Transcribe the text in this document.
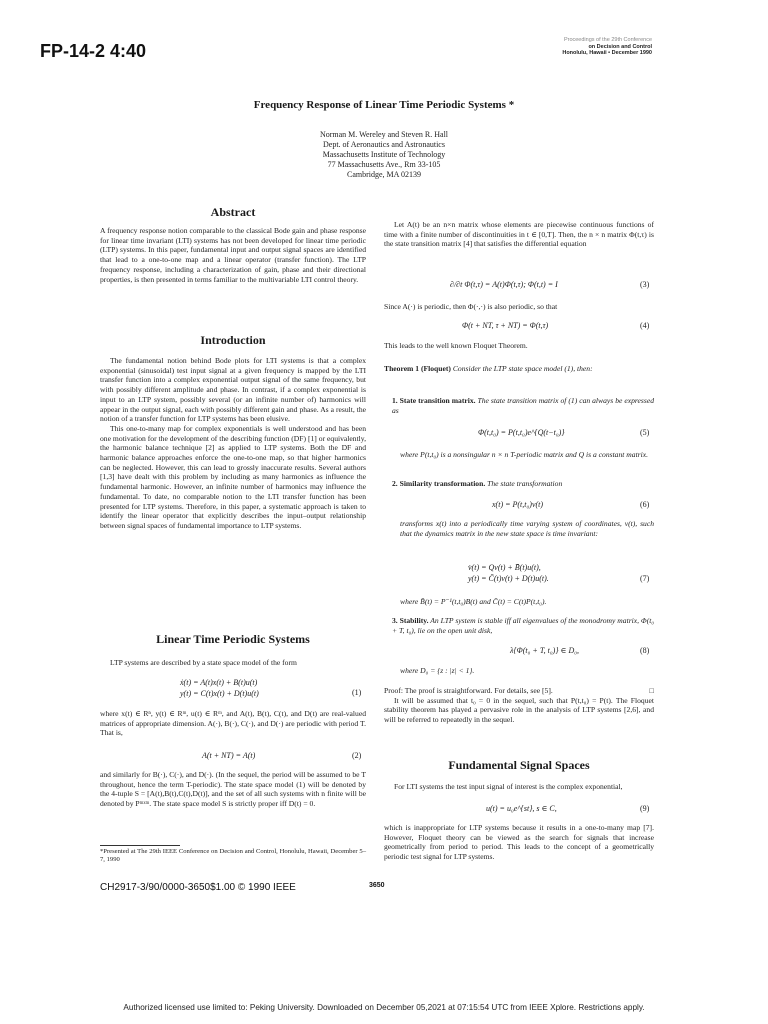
FP-14-2 4:40
Proceedings of the 29th Conference
on Decision and Control
Honolulu, Hawaii • December 1990
Frequency Response of Linear Time Periodic Systems *
Norman M. Wereley and Steven R. Hall
Dept. of Aeronautics and Astronautics
Massachusetts Institute of Technology
77 Massachusetts Ave., Rm 33-105
Cambridge, MA 02139
Abstract

A frequency response notion comparable to the classical Bode gain and phase response for linear time invariant (LTI) systems has not been developed for linear time periodic (LTP) systems. In this paper, fundamental input and output signal spaces are identified that lead to a one-to-one map and a linear operator (transfer function). The LTP frequency response, including a characterization of gain, phase and their directional properties, is then presented in terms familiar to the multivariable LTI control theory.

Introduction

The fundamental notion behind Bode plots for LTI systems is that a complex exponential (sinusoidal) test input signal at a given frequency is mapped by the LTI transfer function into a complex exponential output signal of the same frequency, but with possibly different amplitude and phase. In contrast, if a complex exponential is input to an LTP system, possibly several (or an infinite number of) harmonics will appear in the output signal, each with possibly different gain and phase. As a result, the notion of a transfer function for LTP systems has been elusive.

This one-to-many map for complex exponentials is well understood and has been one motivation for the development of the describing function (DF) [1] or equivalently, the harmonic balance technique [2] as applied to LTP systems. Both the DF and harmonic balance approaches enforce the one-to-one map, so that higher harmonics can be neglected. However, this can lead to grossly inaccurate results. Several authors [1,3] have dealt with this problem by including as many harmonics as influence the fundamental harmonic. However, an infinite number of harmonics may influence the fundamental. To date, no comparable notion to the LTI transfer function has been presented for LTP systems. Therefore, in this paper, a systematic approach is taken to identify the linear operator that explicitly describes the input–output relationship between signal spaces of fundamental importance to LTP systems.

Linear Time Periodic Systems

LTP systems are described by a state space model of the form

ẋ(t) = A(t)x(t) + B(t)u(t)
y(t) = C(t)x(t) + D(t)u(t)	(1)

where x(t) ∈ Rⁿ, y(t) ∈ Rᵐ, u(t) ∈ Rᵐ, and A(t), B(t), C(t), and D(t) are real-valued matrices of appropriate dimension. A(·), B(·), C(·), and D(·) are periodic with period T. That is,

A(t + NT) = A(t)	(2)

and similarly for B(·), C(·), and D(·). (In the sequel, the period will be assumed to be T throughout, hence the term T-periodic). The state space model (1) will be denoted by the 4-tuple S = [A(t),B(t),C(t),D(t)], and the set of all such systems with n finite will be denoted by Pᵐˣᵐ. The state space model S is strictly proper iff D(t) = 0.

*Presented at The 29th IEEE Conference on Decision and Control, Honolulu, Hawaii, December 5–7, 1990

Let A(t) be an n×n matrix whose elements are piecewise continuous functions of time with a finite number of discontinuities in t ∈ [0,T]. Then, the n × n matrix Φ(t,τ) is the state transition matrix [4] that satisfies the differential equation

∂/∂t Φ(t,τ) = A(t)Φ(t,τ); Φ(t,t) = I	(3)

Since A(·) is periodic, then Φ(·,·) is also periodic, so that

Φ(t + NT, τ + NT) = Φ(t,τ)	(4)

This leads to the well known Floquet Theorem.

Theorem 1 (Floquet) Consider the LTP state space model (1), then:

1. State transition matrix. The state transition matrix of (1) can always be expressed as

Φ(t,t₀) = P(t,t₀)e^{Q(t−t₀)}	(5)

where P(t,t₀) is a nonsingular n × n T-periodic matrix and Q is a constant matrix.

2. Similarity transformation. The state transformation

x(t) = P(t,t₀)v(t)	(6)

transforms x(t) into a periodically time varying system of coordinates, v(t), such that the dynamics matrix in the new state space is time invariant:

v̇(t) = Qv(t) + B̄(t)u(t),
y(t) = C̄(t)v(t) + D(t)u(t).	(7)

where B̄(t) = P⁻¹(t,t₀)B(t) and C̄(t) = C(t)P(t,t₀).

3. Stability. An LTP system is stable iff all eigenvalues of the monodromy matrix, Φ(t₀ + T, t₀), lie on the open unit disk,

λ{Φ(t₀ + T, t₀)} ∈ D₀,	(8)

where D₀ = {z : |z| < 1}.

Proof: The proof is straightforward. For details, see [5].	□

It will be assumed that t₀ = 0 in the sequel, such that P(t,t₀) = P(t). The Floquet stability theorem has played a pervasive role in the analysis of LTP systems [2,6], and will be referred to repeatedly in the sequel.

Fundamental Signal Spaces

For LTI systems the test input signal of interest is the complex exponential,

u(t) = u₀e^{st}, s ∈ C,	(9)

which is inappropriate for LTP systems because it results in a one-to-many map [7]. However, Floquet theory can be viewed as the search for signals that increase geometrically from period to period. This leads to the concept of a geometrically periodic test signal for LTP systems.

CH2917-3/90/0000-3650$1.00 © 1990 IEEE	3650
Authorized licensed use limited to: Peking University. Downloaded on December 05,2021 at 07:15:54 UTC from IEEE Xplore. Restrictions apply.
